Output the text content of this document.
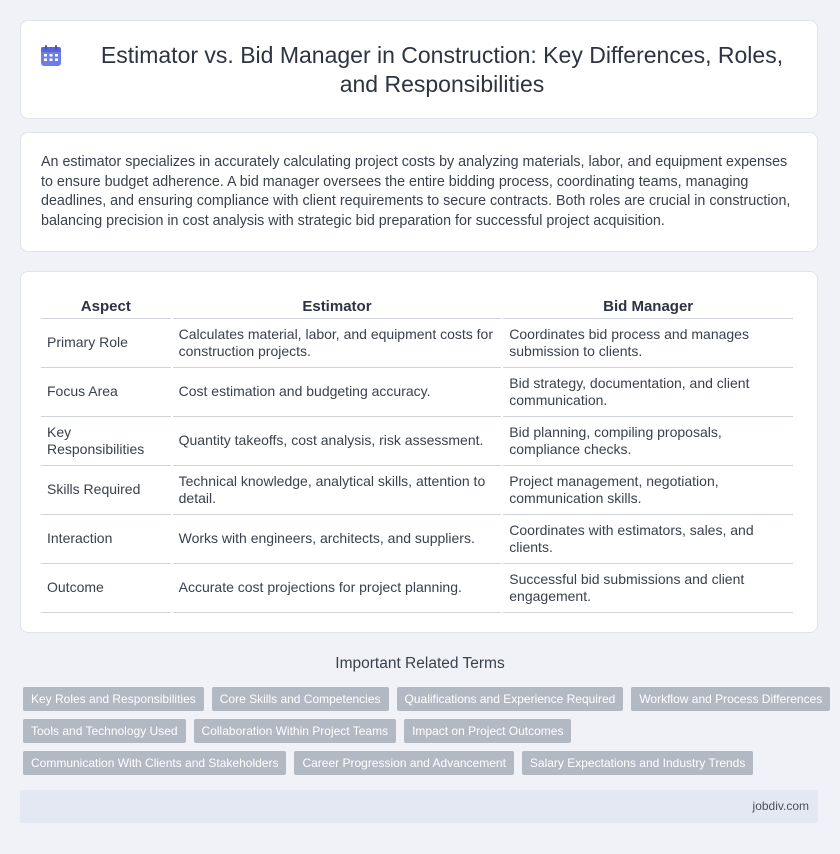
Estimator vs. Bid Manager in Construction: Key Differences, Roles, and Responsibilities

An estimator specializes in accurately calculating project costs by analyzing materials, labor, and equipment expenses to ensure budget adherence. A bid manager oversees the entire bidding process, coordinating teams, managing deadlines, and ensuring compliance with client requirements to secure contracts. Both roles are crucial in construction, balancing precision in cost analysis with strategic bid preparation for successful project acquisition.

Aspect	Estimator	Bid Manager
Primary Role	Calculates material, labor, and equipment costs for construction projects.	Coordinates bid process and manages submission to clients.
Focus Area	Cost estimation and budgeting accuracy.	Bid strategy, documentation, and client communication.
Key Responsibilities	Quantity takeoffs, cost analysis, risk assessment.	Bid planning, compiling proposals, compliance checks.
Skills Required	Technical knowledge, analytical skills, attention to detail.	Project management, negotiation, communication skills.
Interaction	Works with engineers, architects, and suppliers.	Coordinates with estimators, sales, and clients.
Outcome	Accurate cost projections for project planning.	Successful bid submissions and client engagement.
Important Related Terms
Key Roles and Responsibilities	Core Skills and Competencies	Qualifications and Experience Required	Workflow and Process Differences
Tools and Technology Used	Collaboration Within Project Teams	Impact on Project Outcomes
Communication With Clients and Stakeholders	Career Progression and Advancement	Salary Expectations and Industry Trends
jobdiv.com
